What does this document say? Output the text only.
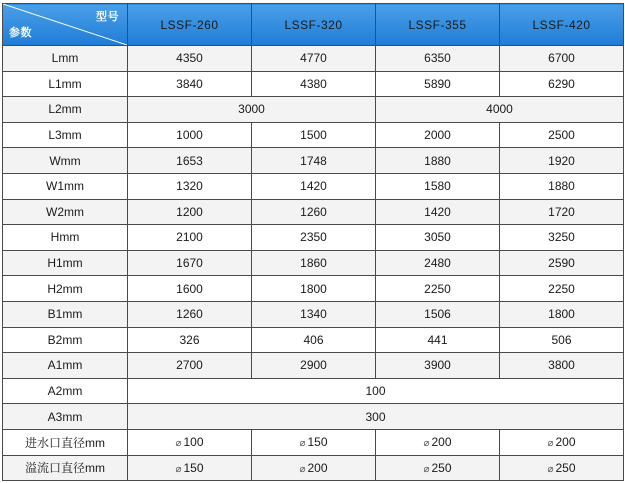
型号
参数	LSSF-260	LSSF-320	LSSF-355	LSSF-420
Lmm	4350	4770	6350	6700
L1mm	3840	4380	5890	6290
L2mm	3000		4000	
L3mm	1000	1500	2000	2500
Wmm	1653	1748	1880	1920
W1mm	1320	1420	1580	1880
W2mm	1200	1260	1420	1720
Hmm	2100	2350	3050	3250
H1mm	1670	1860	2480	2590
H2mm	1600	1800	2250	2250
B1mm	1260	1340	1506	1800
B2mm	326	406	441	506
A1mm	2700	2900	3900	3800
A2mm	100			
A3mm	300			
进水口直径mm	⌀ 100	⌀ 150	⌀ 200	⌀ 200
溢流口直径mm	⌀ 150	⌀ 200	⌀ 250	⌀ 250
